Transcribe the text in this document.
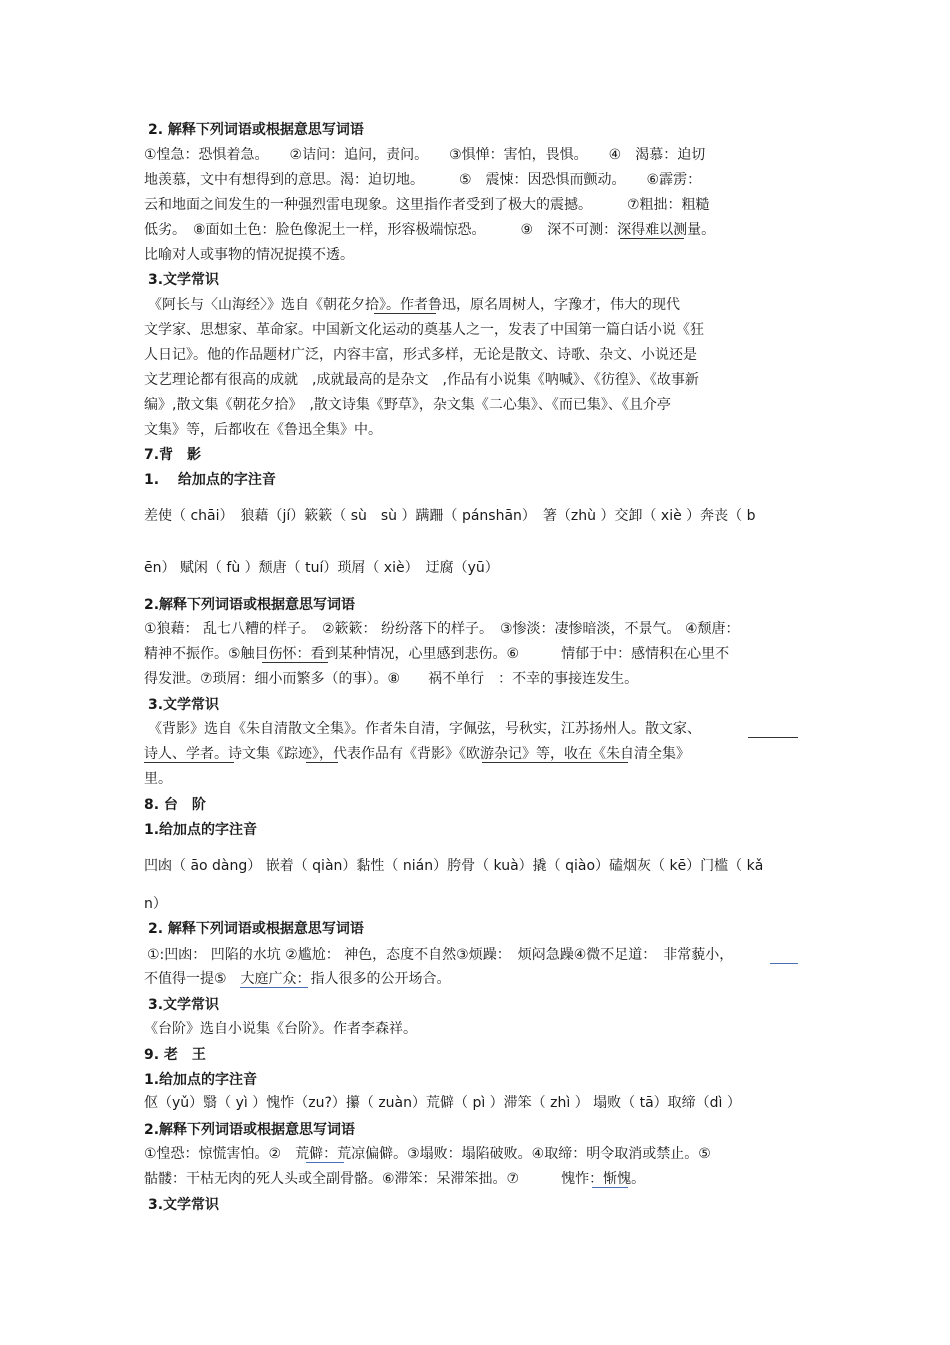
2. 解释下列词语或根据意思写词语
①惶急：恐惧着急。　　②诘问：追问，责问。　　③惧惮：害怕，畏惧。　　④　渴慕：迫切
地羡慕，文中有想得到的意思。渴：迫切地。　　　⑤　震悚：因恐惧而颤动。　　⑥霹雳：
云和地面之间发生的一种强烈雷电现象。这里指作者受到了极大的震撼。　　　⑦粗拙：粗糙
低劣。　⑧面如土色：脸色像泥土一样，形容极端惊恐。　　　⑨　深不可测：深得难以测量。
比喻对人或事物的情况捉摸不透。
3.文学常识
《阿长与〈山海经〉》选自《朝花夕拾》。作者鲁迅，原名周树人，字豫才，伟大的现代
文学家、思想家、革命家。中国新文化运动的奠基人之一，发表了中国第一篇白话小说《狂
人日记》。他的作品题材广泛，内容丰富，形式多样，无论是散文、诗歌、杂文、小说还是
文艺理论都有很高的成就　,成就最高的是杂文　,作品有小说集《呐喊》、《彷徨》、《故事新
编》,散文集《朝花夕拾》　,散文诗集《野草》，杂文集《二心集》、《而已集》、《且介亭
文集》等，后都收在《鲁迅全集》中。
7.背　影
1.　 给加点的字注音
差使（ chāi）　狼藉（jí）簌簌（ sù　sù ）蹒跚（ pánshān）　箸（zhù ）交卸（ xiè ）奔丧（ b
ēn） 赋闲（ fù ）颓唐（ tuí）琐屑（ xiè）　迂腐（yū）
2.解释下列词语或根据意思写词语
①狼藉： 乱七八糟的样子。　②簌簌： 纷纷落下的样子。　③惨淡：凄惨暗淡，不景气。 ④颓唐：
精神不振作。⑤触目伤怀：看到某种情况，心里感到悲伤。⑥　　　情郁于中：感情积在心里不
得发泄。⑦琐屑：细小而繁多（的事）。⑧　　祸不单行　：不幸的事接连发生。
3.文学常识
《背影》选自《朱自清散文全集》。作者朱自清，字佩弦，号秋实，江苏扬州人。散文家、
诗人、学者。诗文集《踪迹》，代表作品有《背影》《欧游杂记》等，收在《朱自清全集》
里。
8. 台　阶
1.给加点的字注音
凹凼（ āo dàng） 嵌着（ qiàn）黏性（ nián）胯骨（ kuà）撬（ qiào）磕烟灰（ kē）门槛（ kǎ
n）
2. 解释下列词语或根据意思写词语
①:凹凼： 凹陷的水坑 ②尴尬： 神色，态度不自然③烦躁：　烦闷急躁④微不足道：　非常藐小，
不值得一提⑤　大庭广众：指人很多的公开场合。
3.文学常识
《台阶》选自小说集《台阶》。作者李森祥。
9. 老　王
1.给加点的字注音
伛（yǔ）翳（ yì ）愧怍（zu?）攥（ zuàn）荒僻（ pì ）滞笨（ zhì ） 塌败（ tā）取缔（dì ）
2.解释下列词语或根据意思写词语
①惶恐：惊慌害怕。②　荒僻：荒凉偏僻。③塌败：塌陷破败。④取缔：明令取消或禁止。⑤
骷髅：干枯无肉的死人头或全副骨骼。⑥滞笨：呆滞笨拙。⑦　　　愧怍：惭愧。
3.文学常识
